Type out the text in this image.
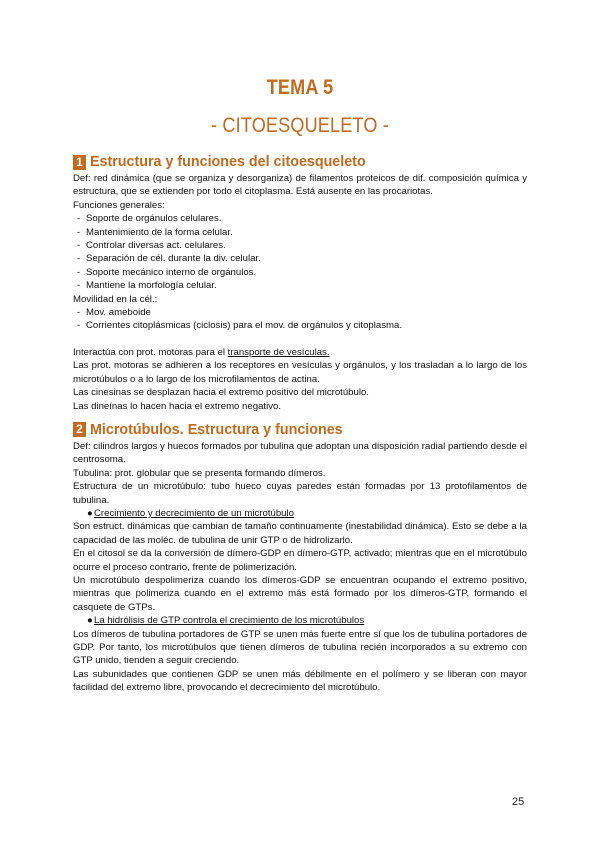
TEMA 5
- CITOESQUELETO -
1 Estructura y funciones del citoesqueleto

Def: red dinámica (que se organiza y desorganiza) de filamentos proteicos de dif. composición química y estructura, que se extienden por todo el citoplasma. Está ausente en las procariotas.

Funciones generales:

- Soporte de orgánulos celulares.

- Mantenimiento de la forma celular.

- Controlar diversas act. celulares.

- Separación de cél. durante la div. celular.

- Soporte mecánico interno de orgánulos.

- Mantiene la morfología celular.

Movilidad en la cél.:

- Mov. ameboide

- Corrientes citoplásmicas (ciclosis) para el mov. de orgánulos y citoplasma.

Interactúa con prot. motoras para el transporte de vesículas.

Las prot. motoras se adhieren a los receptores en vesículas y orgánulos, y los trasladan a lo largo de los microtúbulos o a lo largo de los microfilamentos de actina.

Las cinesinas se desplazan hacia el extremo positivo del microtúbulo.

Las dineínas lo hacen hacia el extremo negativo.

2 Microtúbulos. Estructura y funciones

Def: cilindros largos y huecos formados por tubulina que adoptan una disposición radial partiendo desde el centrosoma.

Tubulina: prot. globular que se presenta formando dímeros.

Estructura de un microtúbulo: tubo hueco cuyas paredes están formadas por 13 protofilamentos de tubulina.

●Crecimiento y decrecimiento de un microtúbulo

Son estruct. dinámicas que cambian de tamaño continuamente (inestabilidad dinámica). Esto se debe a la capacidad de las moléc. de tubulina de unir GTP o de hidrolizarlo.

En el citosol se da la conversión de dímero-GDP en dímero-GTP, activado; mientras que en el microtúbulo ocurre el proceso contrario, frente de polimerización.

Un microtúbulo despolimeriza cuando los dímeros-GDP se encuentran ocupando el extremo positivo, mientras que polimeriza cuando en el extremo más está formado por los dímeros-GTP, formando el casquete de GTPs.

●La hidrólisis de GTP controla el crecimiento de los microtúbulos

Los dímeros de tubulina portadores de GTP se unen más fuerte entre sí que los de tubulina portadores de GDP. Por tanto, los microtúbulos que tienen dímeros de tubulina recién incorporados a su extremo con GTP unido, tienden a seguir creciendo.

Las subunidades que contienen GDP se unen más débilmente en el polímero y se liberan con mayor facilidad del extremo libre, provocando el decrecimiento del microtúbulo.

25
